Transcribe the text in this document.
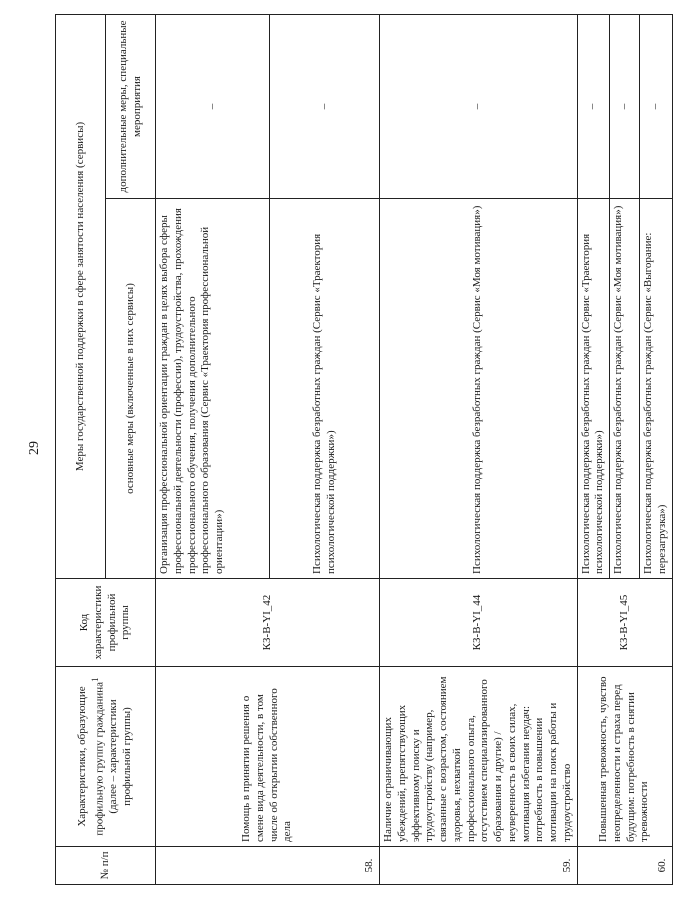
29
№ п/п	Характеристики, образующие профильную группу гражданина$^1$ (далее – характеристики профильной группы)	Код характеристики профильной группы	Меры государственной поддержки в сфере занятости населения (сервисы)	
			основные меры (включенные в них сервисы)	дополнительные меры, специальные мероприятия
58.	Помощь в принятии решения о смене вида деятельности, в том числе об открытии собственного дела	КЗ-В-YI_42	Организация профессиональной ориентации граждан в целях выбора сферы профессиональной деятельности (профессии), трудоустройства, прохождения профессионального обучения, получения дополнительного профессионального образования (Сервис «Траектория профессиональной ориентации»)	–
			Психологическая поддержка безработных граждан (Сервис «Траектория психологической поддержки»)	–
59.	Наличие ограничивающих убеждений, препятствующих эффективному поиску и трудоустройству (например, связанные с возрастом, состоянием здоровья, нехваткой профессионального опыта, отсутствием специализированного образования и другие) / неуверенность в своих силах, мотивация избегания неудач: потребность в повышении мотивации на поиск работы и трудоустройство	КЗ-В-YI_44	Психологическая поддержка безработных граждан (Сервис «Моя мотивация»)	–
60.	Повышенная тревожность, чувство неопределенности и страха перед будущим: потребность в снятии тревожности	КЗ-В-YI_45	Психологическая поддержка безработных граждан (Сервис «Траектория психологической поддержки»)	–
			Психологическая поддержка безработных граждан (Сервис «Моя мотивация»)	–
			Психологическая поддержка безработных граждан (Сервис «Выгорание: перезагрузка»)	–
